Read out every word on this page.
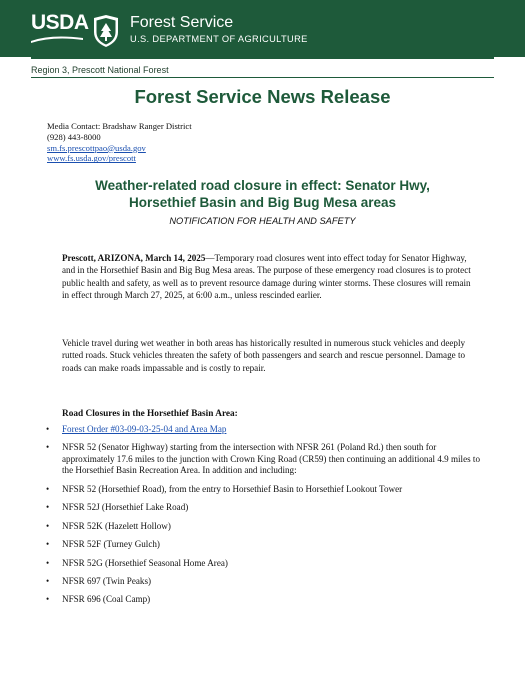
USDA	Forest Service
U.S. DEPARTMENT OF AGRICULTURE
Region 3, Prescott National Forest
Forest Service News Release
Media Contact: Bradshaw Ranger District
(928) 443-8000
sm.fs.prescottpao@usda.gov
www.fs.usda.gov/prescott
Weather-related road closure in effect: Senator Hwy,
Horsethief Basin and Big Bug Mesa areas
NOTIFICATION FOR HEALTH AND SAFETY
Prescott, ARIZONA, March 14, 2025—Temporary road closures went into effect today for Senator Highway, and in the Horsethief Basin and Big Bug Mesa areas. The purpose of these emergency road closures is to protect public health and safety, as well as to prevent resource damage during winter storms. These closures will remain in effect through March 27, 2025, at 6:00 a.m., unless rescinded earlier.
Vehicle travel during wet weather in both areas has historically resulted in numerous stuck vehicles and deeply rutted roads. Stuck vehicles threaten the safety of both passengers and search and rescue personnel. Damage to roads can make roads impassable and is costly to repair.
Road Closures in the Horsethief Basin Area:
• Forest Order #03-09-03-25-04 and Area Map
• NFSR 52 (Senator Highway) starting from the intersection with NFSR 261 (Poland Rd.) then south for approximately 17.6 miles to the junction with Crown King Road (CR59) then continuing an additional 4.9 miles to the Horsethief Basin Recreation Area. In addition and including:
• NFSR 52 (Horsethief Road), from the entry to Horsethief Basin to Horsethief Lookout Tower
• NFSR 52J (Horsethief Lake Road)
• NFSR 52K (Hazelett Hollow)
• NFSR 52F (Turney Gulch)
• NFSR 52G (Horsethief Seasonal Home Area)
• NFSR 697 (Twin Peaks)
• NFSR 696 (Coal Camp)
